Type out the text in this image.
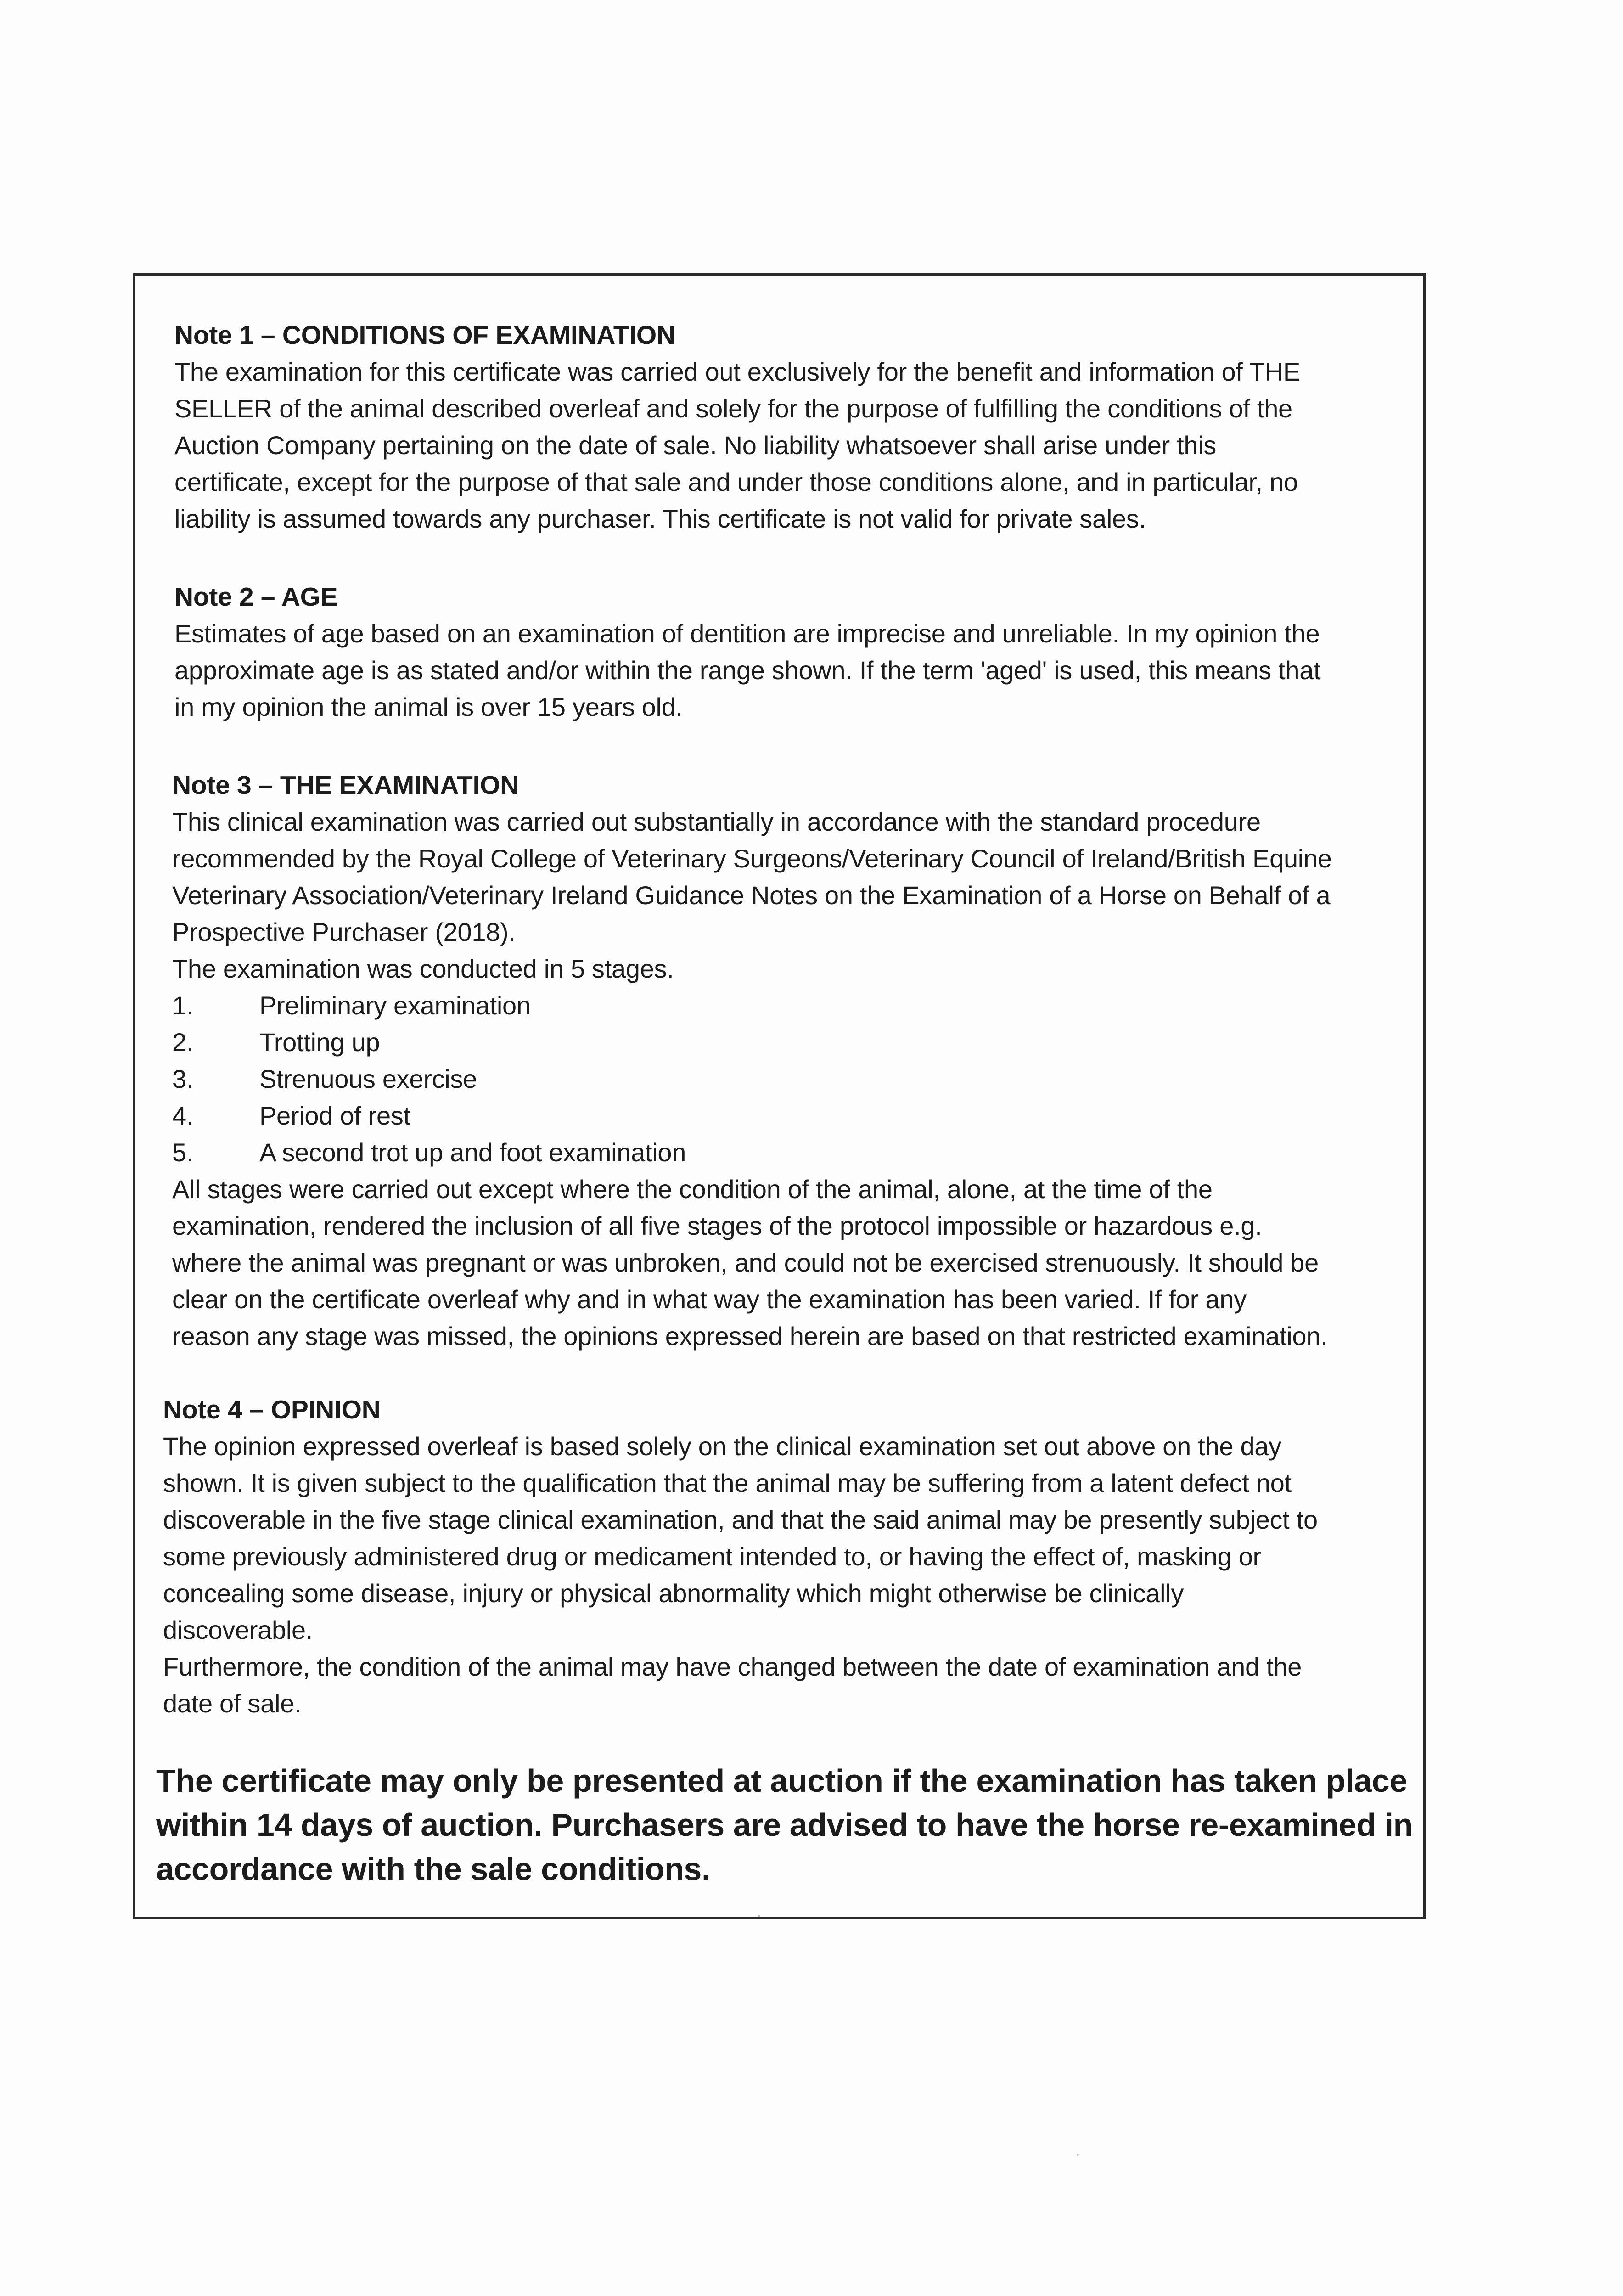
Note 1 – CONDITIONS OF EXAMINATION

The examination for this certificate was carried out exclusively for the benefit and information of THE
SELLER of the animal described overleaf and solely for the purpose of fulfilling the conditions of the
Auction Company pertaining on the date of sale. No liability whatsoever shall arise under this
certificate, except for the purpose of that sale and under those conditions alone, and in particular, no
liability is assumed towards any purchaser. This certificate is not valid for private sales.

Note 2 – AGE

Estimates of age based on an examination of dentition are imprecise and unreliable. In my opinion the
approximate age is as stated and/or within the range shown. If the term 'aged' is used, this means that
in my opinion the animal is over 15 years old.

Note 3 – THE EXAMINATION

This clinical examination was carried out substantially in accordance with the standard procedure
recommended by the Royal College of Veterinary Surgeons/Veterinary Council of Ireland/British Equine
Veterinary Association/Veterinary Ireland Guidance Notes on the Examination of a Horse on Behalf of a
Prospective Purchaser (2018).
The examination was conducted in 5 stages.

1.	Preliminary examination
2.	Trotting up
3.	Strenuous exercise
4.	Period of rest
5.	A second trot up and foot examination

All stages were carried out except where the condition of the animal, alone, at the time of the
examination, rendered the inclusion of all five stages of the protocol impossible or hazardous e.g.
where the animal was pregnant or was unbroken, and could not be exercised strenuously. It should be
clear on the certificate overleaf why and in what way the examination has been varied. If for any
reason any stage was missed, the opinions expressed herein are based on that restricted examination.

Note 4 – OPINION

The opinion expressed overleaf is based solely on the clinical examination set out above on the day
shown. It is given subject to the qualification that the animal may be suffering from a latent defect not
discoverable in the five stage clinical examination, and that the said animal may be presently subject to
some previously administered drug or medicament intended to, or having the effect of, masking or
concealing some disease, injury or physical abnormality which might otherwise be clinically
discoverable.
Furthermore, the condition of the animal may have changed between the date of examination and the
date of sale.

The certificate may only be presented at auction if the examination has taken place
within 14 days of auction. Purchasers are advised to have the horse re-examined in
accordance with the sale conditions.
